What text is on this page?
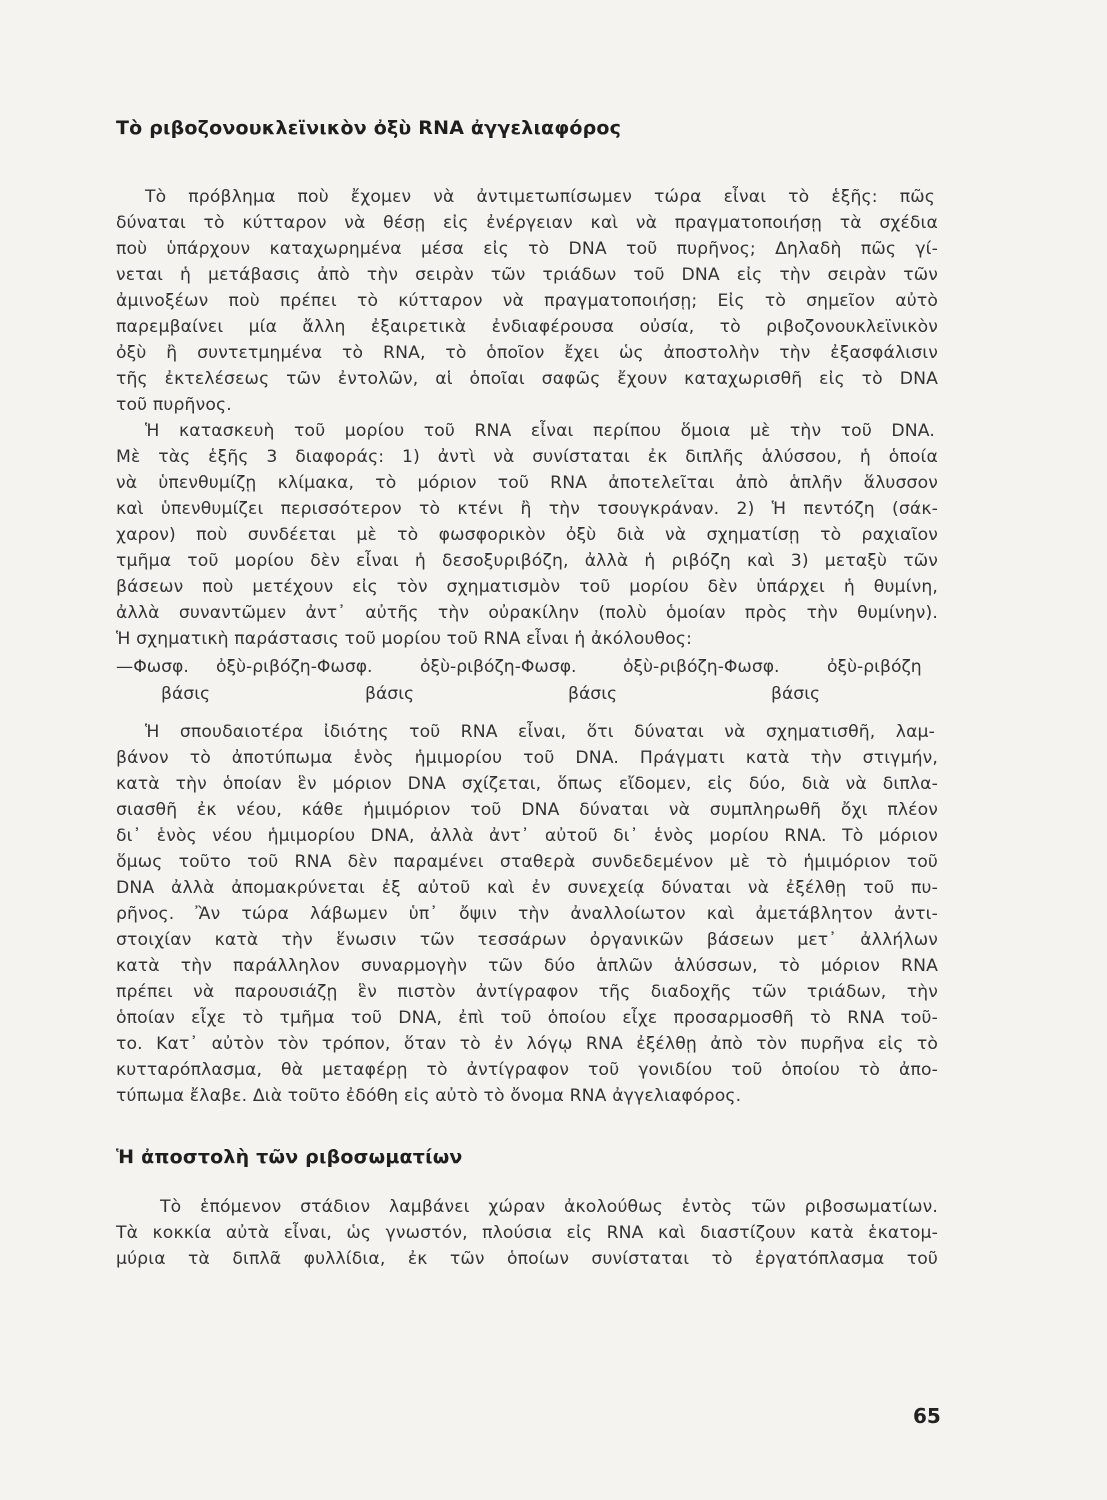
Τὸ ριβοζονουκλεϊνικὸν ὀξὺ RNA ἀγγελιαφόρος
Τὸ πρόβλημα ποὺ ἔχομεν νὰ ἀντιμετωπίσωμεν τώρα εἶναι τὸ ἑξῆς: πῶς
δύναται τὸ κύτταρον νὰ θέσῃ εἰς ἐνέργειαν καὶ νὰ πραγματοποιήσῃ τὰ σχέδια
ποὺ ὑπάρχουν καταχωρημένα μέσα εἰς τὸ DNA τοῦ πυρῆνος; Δηλαδὴ πῶς γί-
νεται ἡ μετάβασις ἀπὸ τὴν σειρὰν τῶν τριάδων τοῦ DNA εἰς τὴν σειρὰν τῶν
ἀμινοξέων ποὺ πρέπει τὸ κύτταρον νὰ πραγματοποιήσῃ; Εἰς τὸ σημεῖον αὐτὸ
παρεμβαίνει μία ἄλλη ἐξαιρετικὰ ἐνδιαφέρουσα οὐσία, τὸ ριβοζονουκλεϊνικὸν
ὀξὺ ἢ συντετμημένα τὸ RNA, τὸ ὁποῖον ἔχει ὡς ἀποστολὴν τὴν ἐξασφάλισιν
τῆς ἐκτελέσεως τῶν ἐντολῶν, αἱ ὁποῖαι σαφῶς ἔχουν καταχωρισθῆ εἰς τὸ DNA
τοῦ πυρῆνος.
Ἡ κατασκευὴ τοῦ μορίου τοῦ RNA εἶναι περίπου ὅμοια μὲ τὴν τοῦ DNA.
Μὲ τὰς ἑξῆς 3 διαφοράς: 1) ἀντὶ νὰ συνίσταται ἐκ διπλῆς ἁλύσσου, ἡ ὁποία
νὰ ὑπενθυμίζῃ κλίμακα, τὸ μόριον τοῦ RNA ἀποτελεῖται ἀπὸ ἁπλῆν ἅλυσσον
καὶ ὑπενθυμίζει περισσότερον τὸ κτένι ἢ τὴν τσουγκράναν. 2) Ἡ πεντόζη (σάκ-
χαρον) ποὺ συνδέεται μὲ τὸ φωσφορικὸν ὀξὺ διὰ νὰ σχηματίσῃ τὸ ραχιαῖον
τμῆμα τοῦ μορίου δὲν εἶναι ἡ δεσοξυριβόζη, ἀλλὰ ἡ ριβόζη καὶ 3) μεταξὺ τῶν
βάσεων ποὺ μετέχουν εἰς τὸν σχηματισμὸν τοῦ μορίου δὲν ὑπάρχει ἡ θυμίνη,
ἀλλὰ συναντῶμεν ἀντ᾽ αὐτῆς τὴν οὐρακίλην (πολὺ ὁμοίαν πρὸς τὴν θυμίνην).
Ἡ σχηματικὴ παράστασις τοῦ μορίου τοῦ RNA εἶναι ἡ ἀκόλουθος:
—Φωσφ. ὀξὺ-ριβόζη-Φωσφ.	ὀξὺ-ριβόζη-Φωσφ.	ὀξὺ-ριβόζη-Φωσφ.	ὀξὺ-ριβόζη
βάσις	βάσις	βάσις	βάσις
Ἡ σπουδαιοτέρα ἰδιότης τοῦ RNA εἶναι, ὅτι δύναται νὰ σχηματισθῆ, λαμ-
βάνον τὸ ἀποτύπωμα ἑνὸς ἡμιμορίου τοῦ DNA. Πράγματι κατὰ τὴν στιγμήν,
κατὰ τὴν ὁποίαν ἓν μόριον DNA σχίζεται, ὅπως εἴδομεν, εἰς δύο, διὰ νὰ διπλα-
σιασθῆ ἐκ νέου, κάθε ἡμιμόριον τοῦ DNA δύναται νὰ συμπληρωθῆ ὄχι πλέον
δι᾽ ἑνὸς νέου ἡμιμορίου DNA, ἀλλὰ ἀντ᾽ αὐτοῦ δι᾽ ἑνὸς μορίου RNA. Τὸ μόριον
ὅμως τοῦτο τοῦ RNA δὲν παραμένει σταθερὰ συνδεδεμένον μὲ τὸ ἡμιμόριον τοῦ
DNA ἀλλὰ ἀπομακρύνεται ἐξ αὐτοῦ καὶ ἐν συνεχείᾳ δύναται νὰ ἐξέλθῃ τοῦ πυ-
ρῆνος. Ἂν τώρα λάβωμεν ὑπ᾽ ὄψιν τὴν ἀναλλοίωτον καὶ ἀμετάβλητον ἀντι-
στοιχίαν κατὰ τὴν ἕνωσιν τῶν τεσσάρων ὀργανικῶν βάσεων μετ᾽ ἀλλήλων
κατὰ τὴν παράλληλον συναρμογὴν τῶν δύο ἁπλῶν ἁλύσσων, τὸ μόριον RNA
πρέπει νὰ παρουσιάζῃ ἓν πιστὸν ἀντίγραφον τῆς διαδοχῆς τῶν τριάδων, τὴν
ὁποίαν εἶχε τὸ τμῆμα τοῦ DNA, ἐπὶ τοῦ ὁποίου εἶχε προσαρμοσθῆ τὸ RNA τοῦ-
το. Κατ᾽ αὐτὸν τὸν τρόπον, ὅταν τὸ ἐν λόγῳ RNA ἐξέλθῃ ἀπὸ τὸν πυρῆνα εἰς τὸ
κυτταρόπλασμα, θὰ μεταφέρῃ τὸ ἀντίγραφον τοῦ γονιδίου τοῦ ὁποίου τὸ ἀπο-
τύπωμα ἔλαβε. Διὰ τοῦτο ἐδόθη εἰς αὐτὸ τὸ ὄνομα RNA ἀγγελιαφόρος.
Ἡ ἀποστολὴ τῶν ριβοσωματίων
Τὸ ἑπόμενον στάδιον λαμβάνει χώραν ἀκολούθως ἐντὸς τῶν ριβοσωματίων.
Τὰ κοκκία αὐτὰ εἶναι, ὡς γνωστόν, πλούσια εἰς RNA καὶ διαστίζουν κατὰ ἑκατομ-
μύρια τὰ διπλᾶ φυλλίδια, ἐκ τῶν ὁποίων συνίσταται τὸ ἐργατόπλασμα τοῦ
65
